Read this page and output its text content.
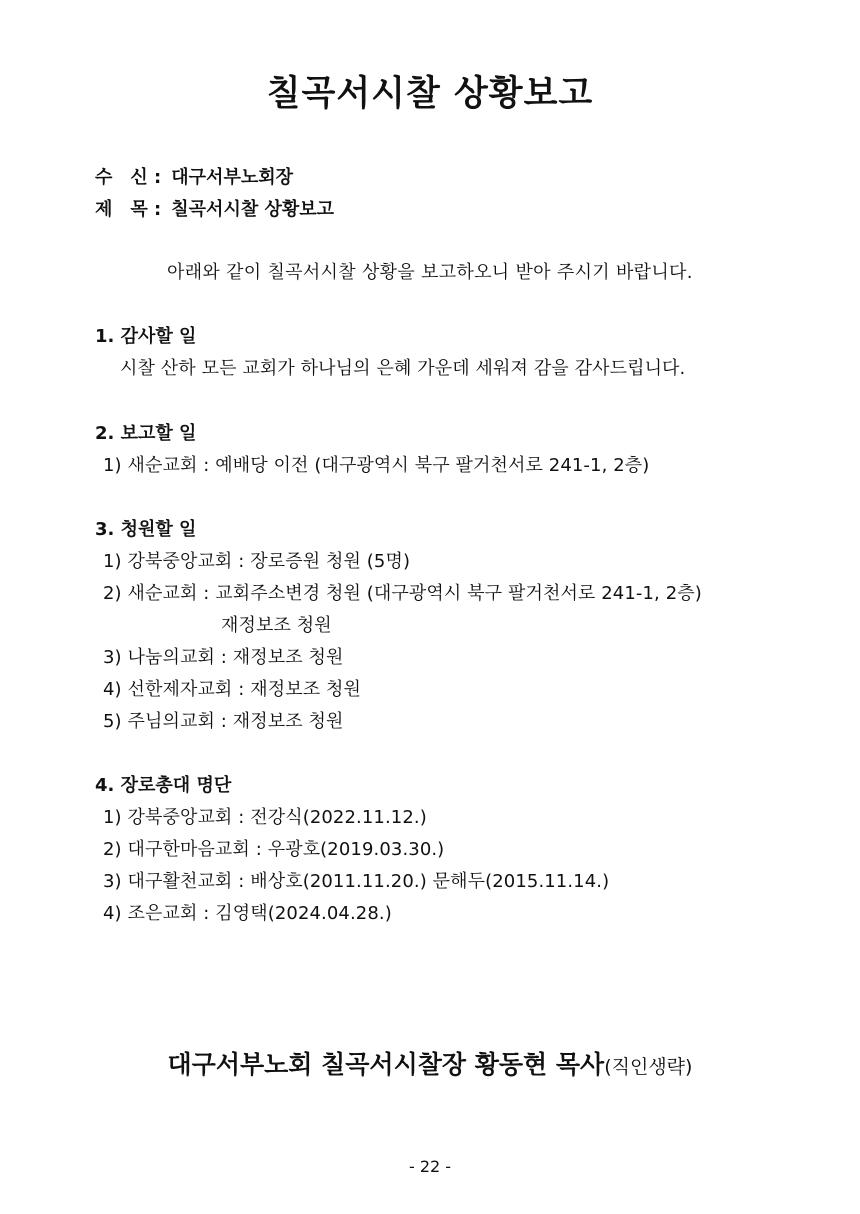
칠곡서시찰 상황보고
수　신 : 대구서부노회장
제　목 : 칠곡서시찰 상황보고
아래와 같이 칠곡서시찰 상황을 보고하오니 받아 주시기 바랍니다.
1. 감사할 일
시찰 산하 모든 교회가 하나님의 은혜 가운데 세워져 감을 감사드립니다.
2. 보고할 일
1) 새순교회 : 예배당 이전 (대구광역시 북구 팔거천서로 241-1, 2층)
3. 청원할 일
1) 강북중앙교회 : 장로증원 청원 (5명)
2) 새순교회 : 교회주소변경 청원 (대구광역시 북구 팔거천서로 241-1, 2층)
재정보조 청원
3) 나눔의교회 : 재정보조 청원
4) 선한제자교회 : 재정보조 청원
5) 주님의교회 : 재정보조 청원
4. 장로총대 명단
1) 강북중앙교회 : 전강식(2022.11.12.)
2) 대구한마음교회 : 우광호(2019.03.30.)
3) 대구활천교회 : 배상호(2011.11.20.) 문해두(2015.11.14.)
4) 조은교회 : 김영택(2024.04.28.)
대구서부노회 칠곡서시찰장 황동현 목사(직인생략)
- 22 -
